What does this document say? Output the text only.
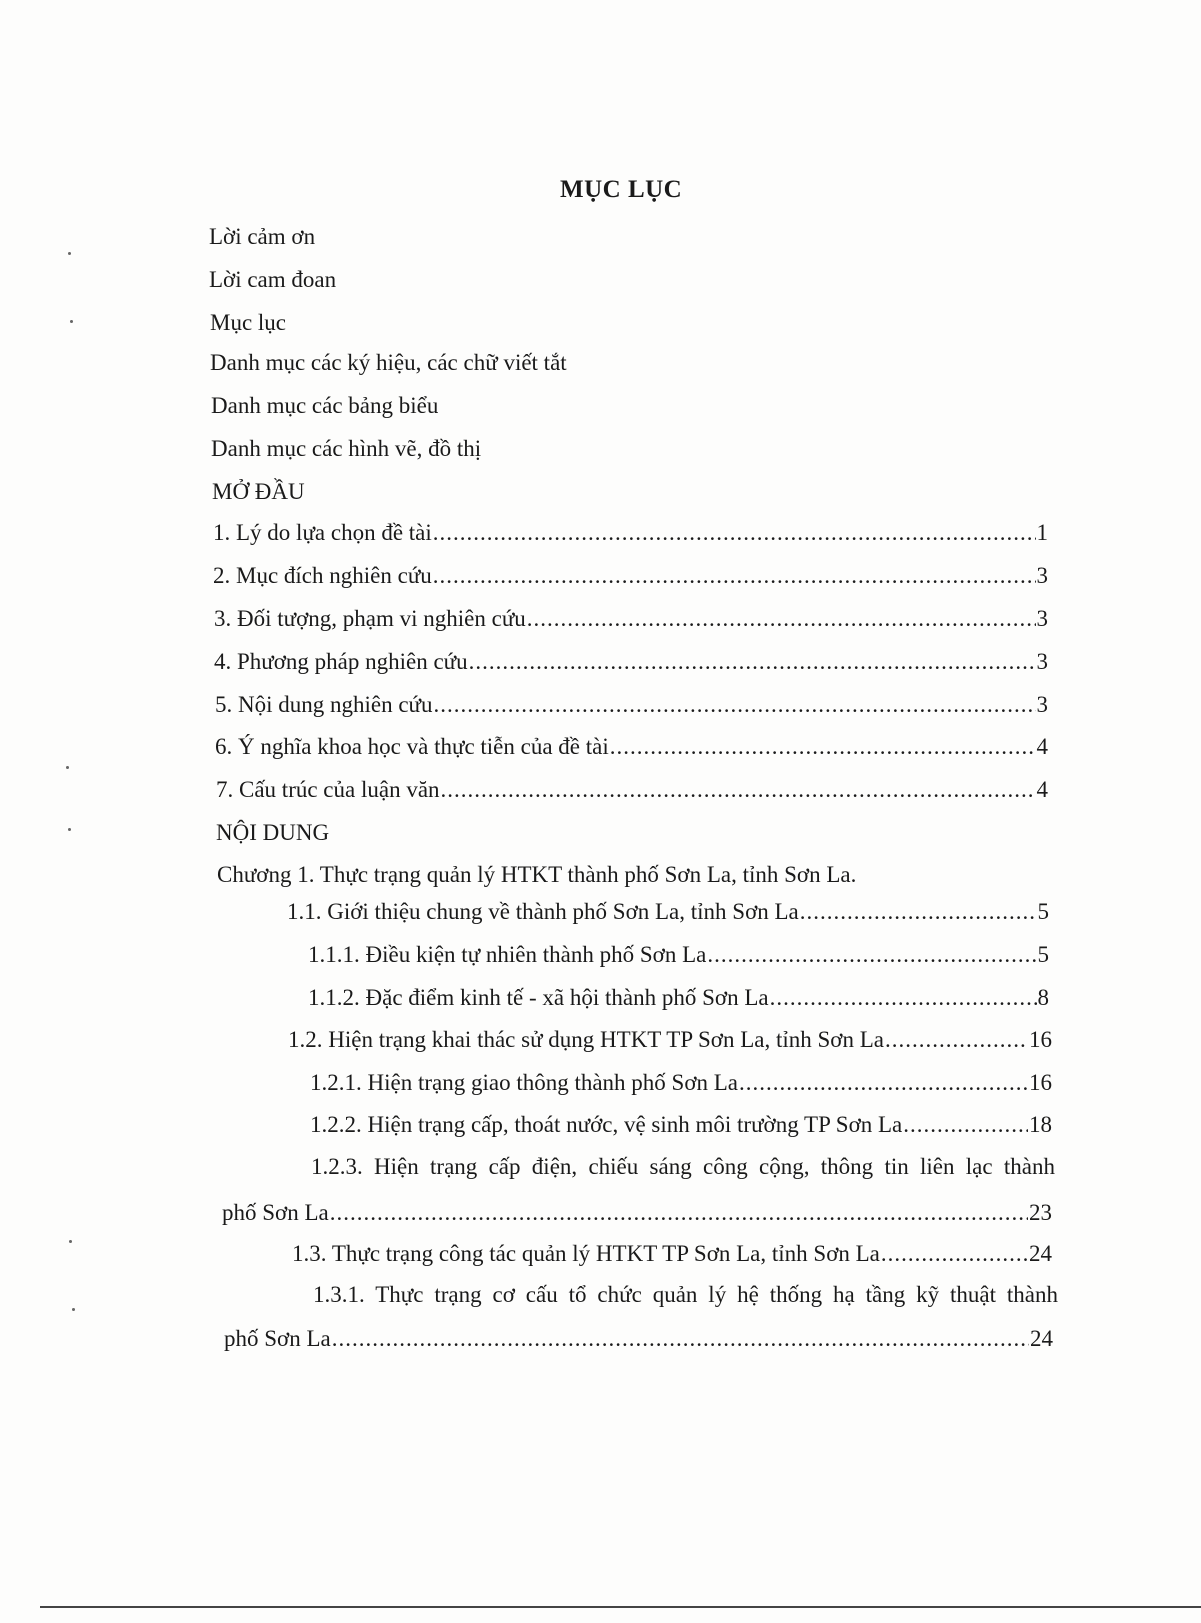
MỤC LỤC
Lời cảm ơn
Lời cam đoan
Mục lục
Danh mục các ký hiệu, các chữ viết tắt
Danh mục các bảng biểu
Danh mục các hình vẽ, đồ thị
MỞ ĐẦU
1. Lý do lựa chọn đề tài .....	1
2. Mục đích nghiên cứu .....	3
3. Đối tượng, phạm vi nghiên cứu .....	3
4. Phương pháp nghiên cứu .....	3
5. Nội dung nghiên cứu .....	3
6. Ý nghĩa khoa học và thực tiễn của đề tài .....	4
7. Cấu trúc của luận văn .....	4
NỘI DUNG
Chương 1. Thực trạng quản lý HTKT thành phố Sơn La, tỉnh Sơn La.
1.1. Giới thiệu chung về thành phố Sơn La, tỉnh Sơn La .....	5
1.1.1. Điều kiện tự nhiên thành phố Sơn La .....	5
1.1.2. Đặc điểm kinh tế - xã hội thành phố Sơn La .....	8
1.2. Hiện trạng khai thác sử dụng HTKT TP Sơn La, tỉnh Sơn La .....	16
1.2.1. Hiện trạng giao thông thành phố Sơn La .....	16
1.2.2. Hiện trạng cấp, thoát nước, vệ sinh môi trường TP Sơn La .....	18
1.2.3. Hiện trạng cấp điện, chiếu sáng công cộng, thông tin liên lạc thành
phố Sơn La .....	23
1.3. Thực trạng công tác quản lý HTKT TP Sơn La, tỉnh Sơn La .....	24
1.3.1. Thực trạng cơ cấu tổ chức quản lý hệ thống hạ tầng kỹ thuật thành
phố Sơn La .....	24
